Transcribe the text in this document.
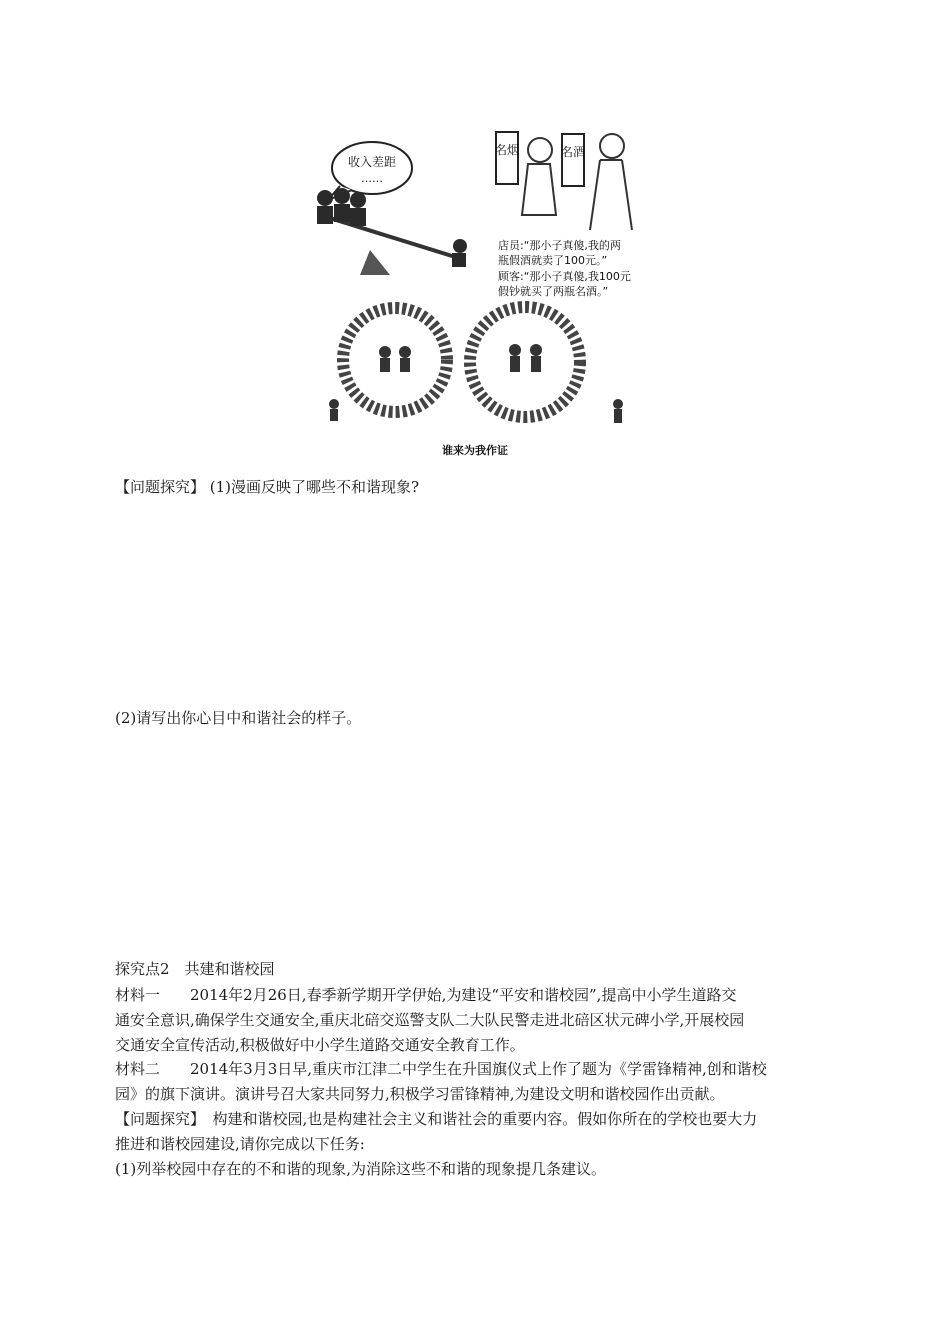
收入差距
……
名烟	名酒
店员:“那小子真傻,我的两
瓶假酒就卖了100元。”
顾客:“那小子真傻,我100元
假钞就买了两瓶名酒。”
谁来为我作证
【问题探究】 (1)漫画反映了哪些不和谐现象?
(2)请写出你心目中和谐社会的样子。
探究点2　共建和谐校园
材料一　　2014年2月26日,春季新学期开学伊始,为建设“平安和谐校园”,提高中小学生道路交
通安全意识,确保学生交通安全,重庆北碚交巡警支队二大队民警走进北碚区状元碑小学,开展校园
交通安全宣传活动,积极做好中小学生道路交通安全教育工作。
材料二　　2014年3月3日早,重庆市江津二中学生在升国旗仪式上作了题为《学雷锋精神,创和谐校
园》的旗下演讲。演讲号召大家共同努力,积极学习雷锋精神,为建设文明和谐校园作出贡献。
【问题探究】　构建和谐校园,也是构建社会主义和谐社会的重要内容。假如你所在的学校也要大力
推进和谐校园建设,请你完成以下任务:
(1)列举校园中存在的不和谐的现象,为消除这些不和谐的现象提几条建议。
